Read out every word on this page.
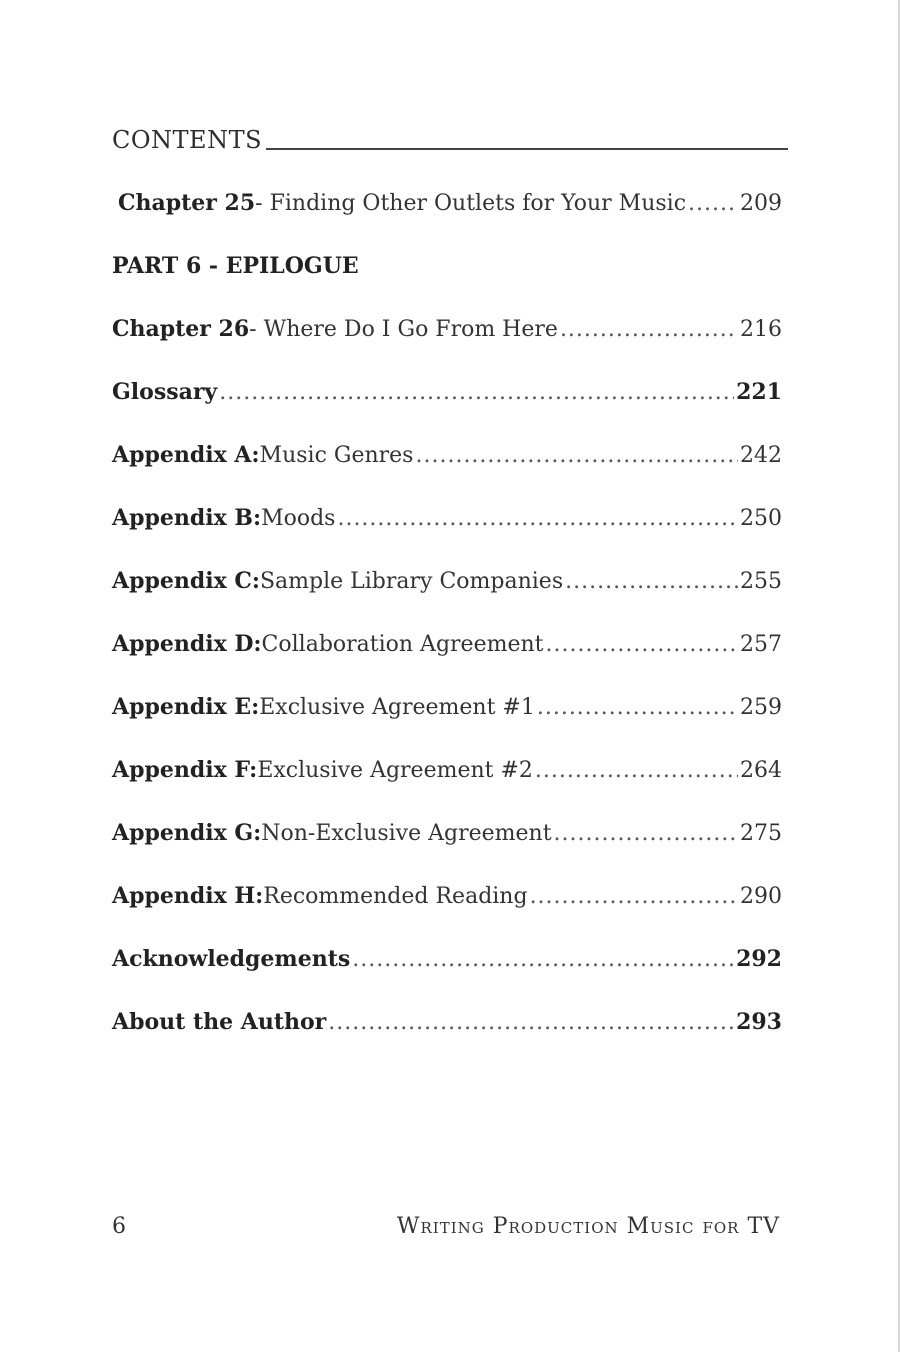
CONTENTS
Chapter 25 - Finding Other Outlets for Your Music ..... 209
PART 6 - EPILOGUE
Chapter 26 - Where Do I Go From Here .....	216
Glossary .....	221
Appendix A: Music Genres .....	242
Appendix B: Moods .....	250
Appendix C: Sample Library Companies .....	255
Appendix D: Collaboration Agreement .....	257
Appendix E: Exclusive Agreement #1 .....	259
Appendix F: Exclusive Agreement #2 .....	264
Appendix G: Non-Exclusive Agreement .....	275
Appendix H: Recommended Reading .....	290
Acknowledgements .....	292
About the Author .....	293
6	Writing Production Music for TV
